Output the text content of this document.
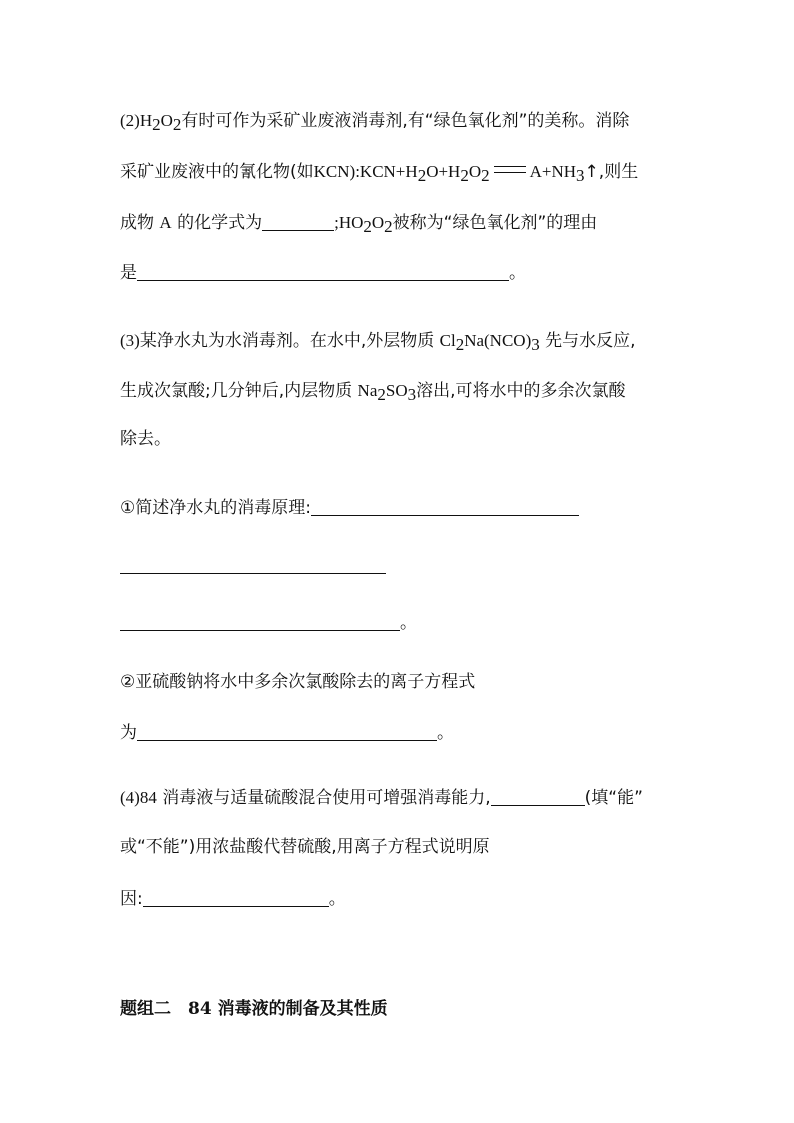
$(2)H_2O_2$有时可作为采矿业废液消毒剂,有“绿色氧化剂”的美称。消除
采矿业废液中的氰化物(如$KCN):KCN+H_2O+H_2O_2$ $A+NH_3↑$,则生
成物 A 的化学式为	$;HO_2O_2$被称为“绿色氧化剂”的理由
是	。
(3)某净水丸为水消毒剂。在水中,外层物质 $Cl_2Na(NCO)_3$ 先与水反应,
生成次氯酸;几分钟后,内层物质 $Na_2SO_3$溶出,可将水中的多余次氯酸
除去。
①简述净水丸的消毒原理:
。
②亚硫酸钠将水中多余次氯酸除去的离子方程式
为	。
(4)84 消毒液与适量硫酸混合使用可增强消毒能力,	(填“能”
或“不能”)用浓盐酸代替硫酸,用离子方程式说明原
因:	。
题组二　84 消毒液的制备及其性质
